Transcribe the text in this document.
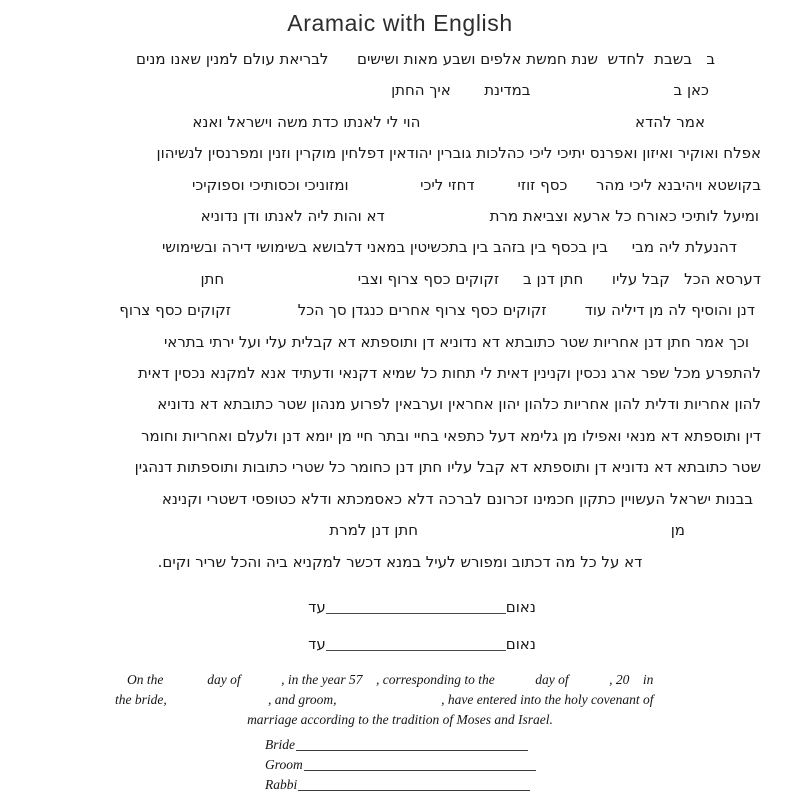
Aramaic with English
ב   בשבת  לחדש  שנת חמשת אלפים ושבע מאות ושישים      לבריאת עולם למנין שאנו מנים
כאן ב                              במדינת       איך החתן
אמר להדא                                             הוי לי לאנתו כדת משה וישראל ואנא
אפלח ואוקיר ואיזון ואפרנס יתיכי ליכי כהלכות גוברין יהודאין דפלחין מוקרין וזנין ומפרנסין לנשיהון
בקושטא ויהיבנא ליכי מהר      כסף זוזי         דחזי ליכי               ומזוניכי וכסותיכי וספוקיכי
ומיעל לותיכי כאורח כל ארעא וצביאת מרת                      דא והות ליה לאנתו ודן נדוניא
דהנעלת ליה מבי     בין בכסף בין בזהב בין בתכשיטין במאני דלבושא בשימושי דירה ובשימושי
דערסא הכל   קבל עליו      חתן דנן ב     זקוקים כסף צרוף וצבי                            חתן
דנן והוסיף לה מן דיליה עוד        זקוקים כסף צרוף אחרים כנגדן סך הכל              זקוקים כסף צרוף
וכך אמר חתן דנן אחריות שטר כתובתא דא נדוניא דן ותוספתא דא קבלית עלי ועל ירתי בתראי
להתפרע מכל שפר ארג נכסין וקנינין דאית לי תחות כל שמיא דקנאי ודעתיד אנא למקנא נכסין דאית
להון אחריות ודלית להון אחריות כלהון יהון אחראין וערבאין לפרוע מנהון שטר כתובתא דא נדוניא
דין ותוספתא דא מנאי ואפילו מן גלימא דעל כתפאי בחיי ובתר חיי מן יומא דנן ולעלם ואחריות וחומר
שטר כתובתא דא נדוניא דן ותוספתא דא קבל עליו חתן דנן כחומר כל שטרי כתובות ותוספתות דנהגין
בבנות ישראל העשויין כתקון חכמינו זכרונם לברכה דלא כאסמכתא ודלא כטופסי דשטרי וקנינא
מן                                                     חתן דנן למרת
דא על כל מה דכתוב ומפורש לעיל במנא דכשר למקניא ביה והכל שריר וקים.
נאום
עד
נאום
עד
On the             day of            , in the year 57    , corresponding to the            day of            , 20    in
the bride,                              , and groom,                               , have entered into the holy covenant of
marriage according to the tradition of Moses and Israel.
Bride
Groom
Rabbi
